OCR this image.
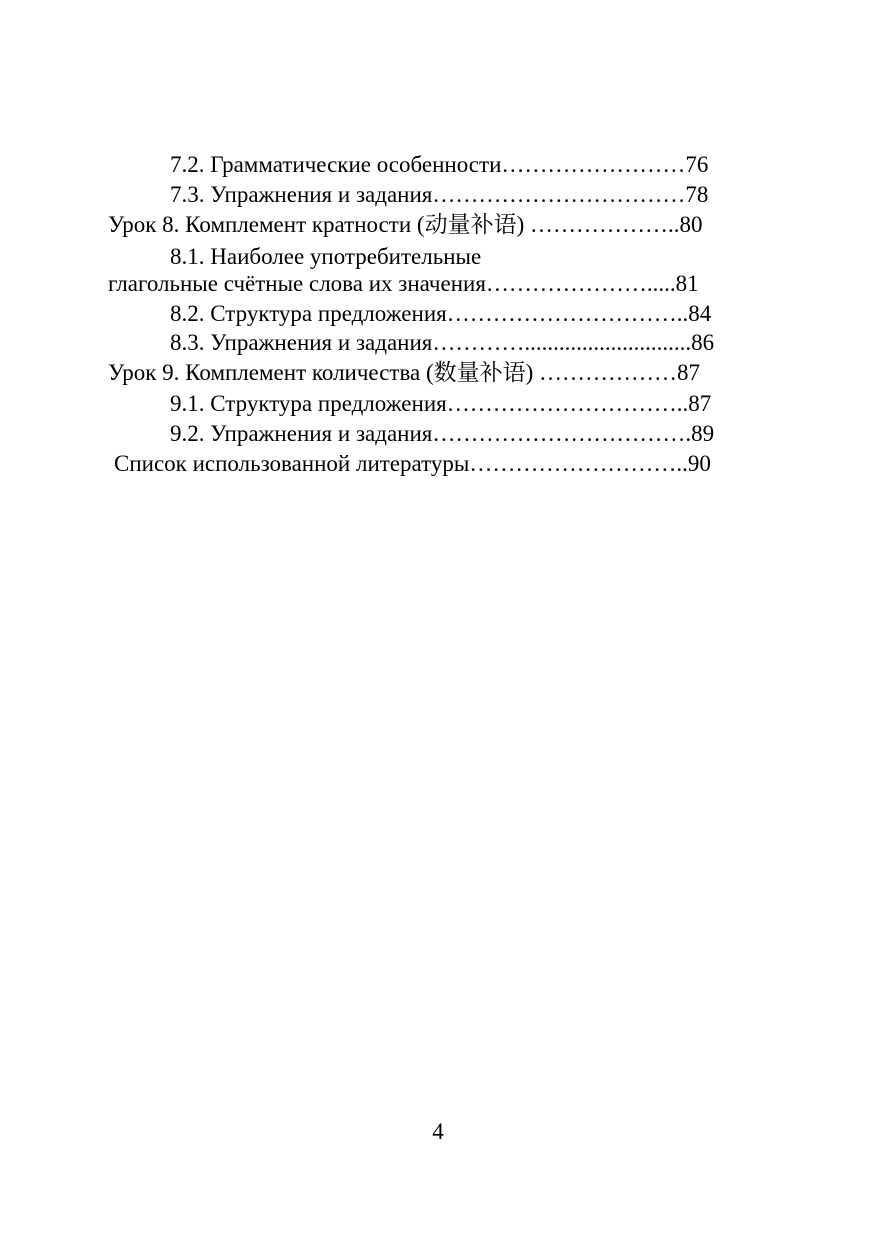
7.2. Грамматические особенности……………………76
7.3. Упражнения и задания……………………………78
Урок 8. Комплемент кратности (动量补语) ………………..80
8.1. Наиболее употребительные
глагольные счётные слова их значения………………….....81
8.2. Структура предложения…………………………..84
8.3. Упражнения и задания………….............................86
Урок 9. Комплемент количества (数量补语) ………………87
9.1. Структура предложения…………………………..87
9.2. Упражнения и задания…………………………….89
Список использованной литературы………………………..90
4
